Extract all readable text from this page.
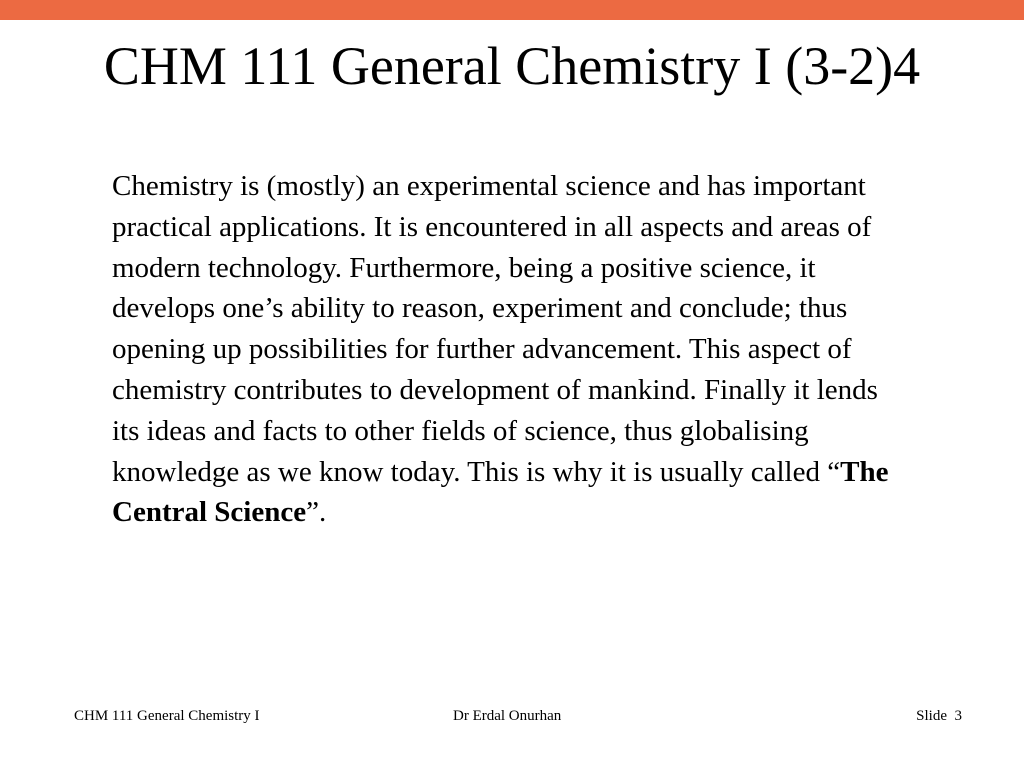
CHM 111 General Chemistry I (3-2)4

Chemistry is (mostly) an experimental science and has important practical applications. It is encountered in all aspects and areas of modern technology. Furthermore, being a positive science, it develops one’s ability to reason, experiment and conclude; thus opening up possibilities for further advancement. This aspect of chemistry contributes to development of mankind. Finally it lends its ideas and facts to other fields of science, thus globalising knowledge as we know today. This is why it is usually called “The Central Science”.

CHM 111 General Chemistry I	Dr Erdal Onurhan	Slide 3
